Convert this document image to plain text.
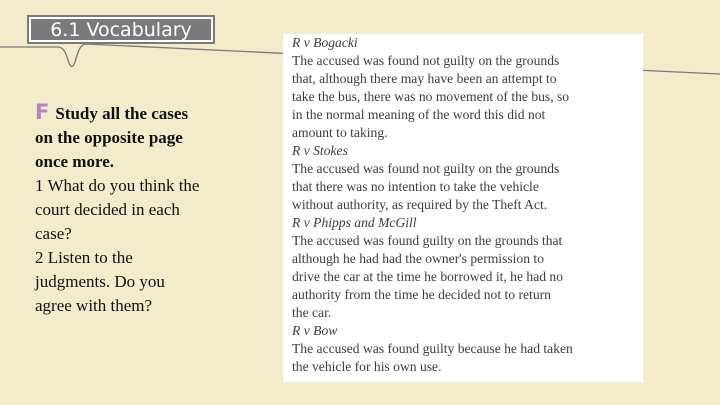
6.1 Vocabulary
F Study all the cases
on the opposite page
once more.
1 What do you think the
court decided in each
case?
2 Listen to the
judgments. Do you
agree with them?
R v Bogacki
The accused was found not guilty on the grounds
that, although there may have been an attempt to
take the bus, there was no movement of the bus, so
in the normal meaning of the word this did not
amount to taking.
R v Stokes
The accused was found not guilty on the grounds
that there was no intention to take the vehicle
without authority, as required by the Theft Act.
R v Phipps and McGill
The accused was found guilty on the grounds that
although he had had the owner's permission to
drive the car at the time he borrowed it, he had no
authority from the time he decided not to return
the car.
R v Bow
The accused was found guilty because he had taken
the vehicle for his own use.
